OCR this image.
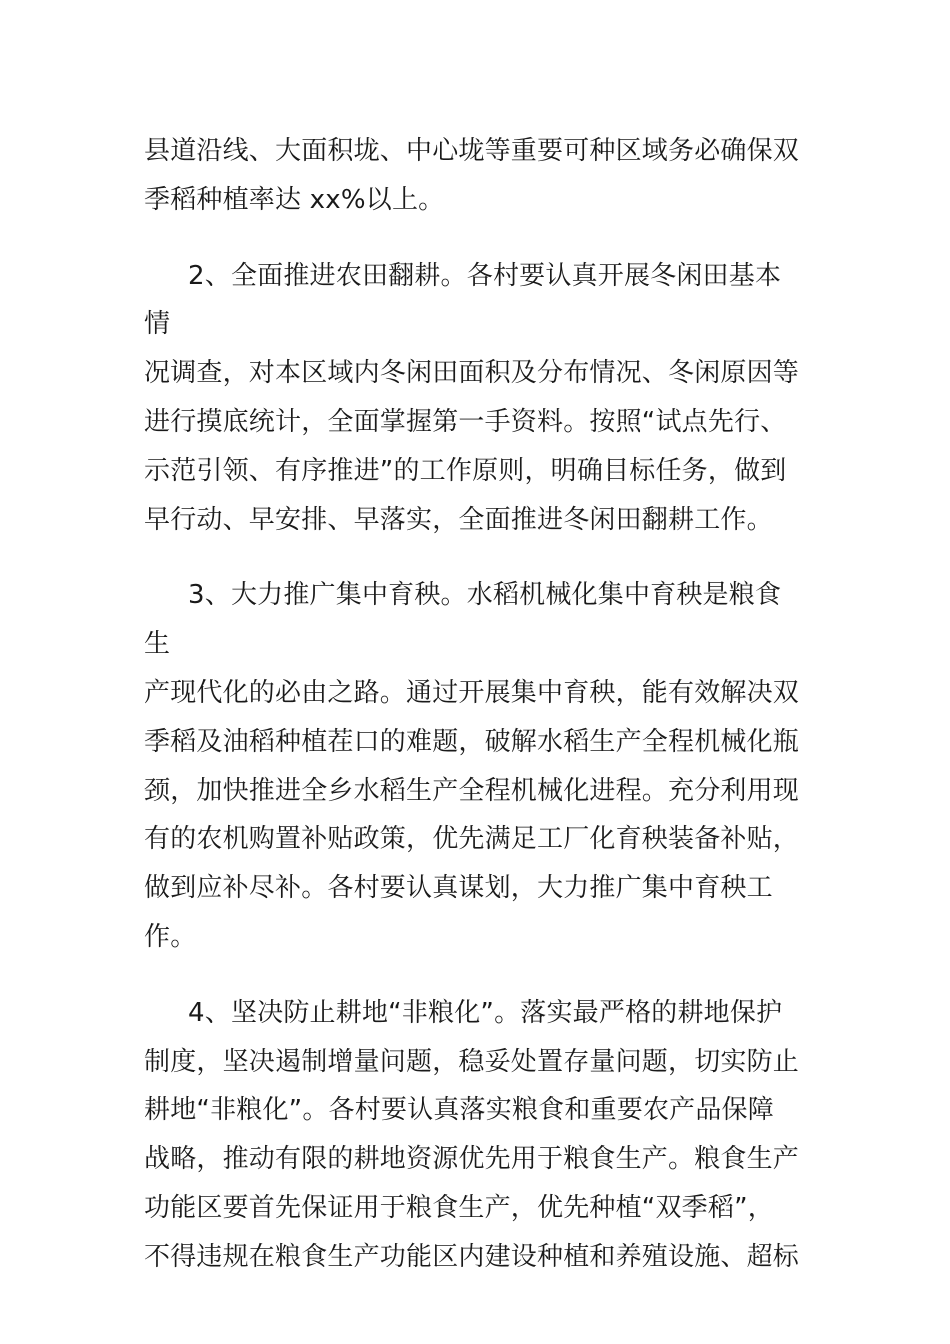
县道沿线、大面积垅、中心垅等重要可种区域务必确保双
季稻种植率达 xx%以上。

2、全面推进农田翻耕。各村要认真开展冬闲田基本情
况调查，对本区域内冬闲田面积及分布情况、冬闲原因等
进行摸底统计，全面掌握第一手资料。按照“试点先行、
示范引领、有序推进”的工作原则，明确目标任务，做到
早行动、早安排、早落实，全面推进冬闲田翻耕工作。

3、大力推广集中育秧。水稻机械化集中育秧是粮食生
产现代化的必由之路。通过开展集中育秧，能有效解决双
季稻及油稻种植茬口的难题，破解水稻生产全程机械化瓶
颈，加快推进全乡水稻生产全程机械化进程。充分利用现
有的农机购置补贴政策，优先满足工厂化育秧装备补贴，
做到应补尽补。各村要认真谋划，大力推广集中育秧工
作。

4、坚决防止耕地“非粮化”。落实最严格的耕地保护
制度，坚决遏制增量问题，稳妥处置存量问题，切实防止
耕地“非粮化”。各村要认真落实粮食和重要农产品保障
战略，推动有限的耕地资源优先用于粮食生产。粮食生产
功能区要首先保证用于粮食生产，优先种植“双季稻”，
不得违规在粮食生产功能区内建设种植和养殖设施、超标
